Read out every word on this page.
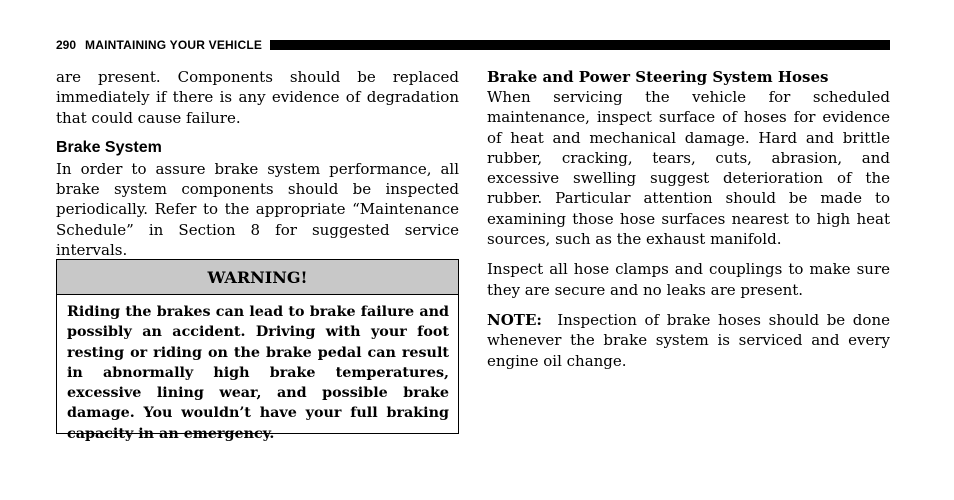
290 MAINTAINING YOUR VEHICLE

are present. Components should be replaced immediately if there is any evidence of degradation that could cause failure.

Brake System

In order to assure brake system performance, all brake system components should be inspected periodically. Refer to the appropriate “Maintenance Schedule” in Section 8 for suggested service intervals.

WARNING!
Riding the brakes can lead to brake failure and possibly an accident. Driving with your foot resting or riding on the brake pedal can result in abnormally high brake temperatures, excessive lining wear, and possible brake damage. You wouldn’t have your full braking capacity in an emergency.
Brake and Power Steering System Hoses

When servicing the vehicle for scheduled maintenance, inspect surface of hoses for evidence of heat and mechanical damage. Hard and brittle rubber, cracking, tears, cuts, abrasion, and excessive swelling suggest deterioration of the rubber. Particular attention should be made to examining those hose surfaces nearest to high heat sources, such as the exhaust manifold.

Inspect all hose clamps and couplings to make sure they are secure and no leaks are present.

NOTE: Inspection of brake hoses should be done whenever the brake system is serviced and every engine oil change.
